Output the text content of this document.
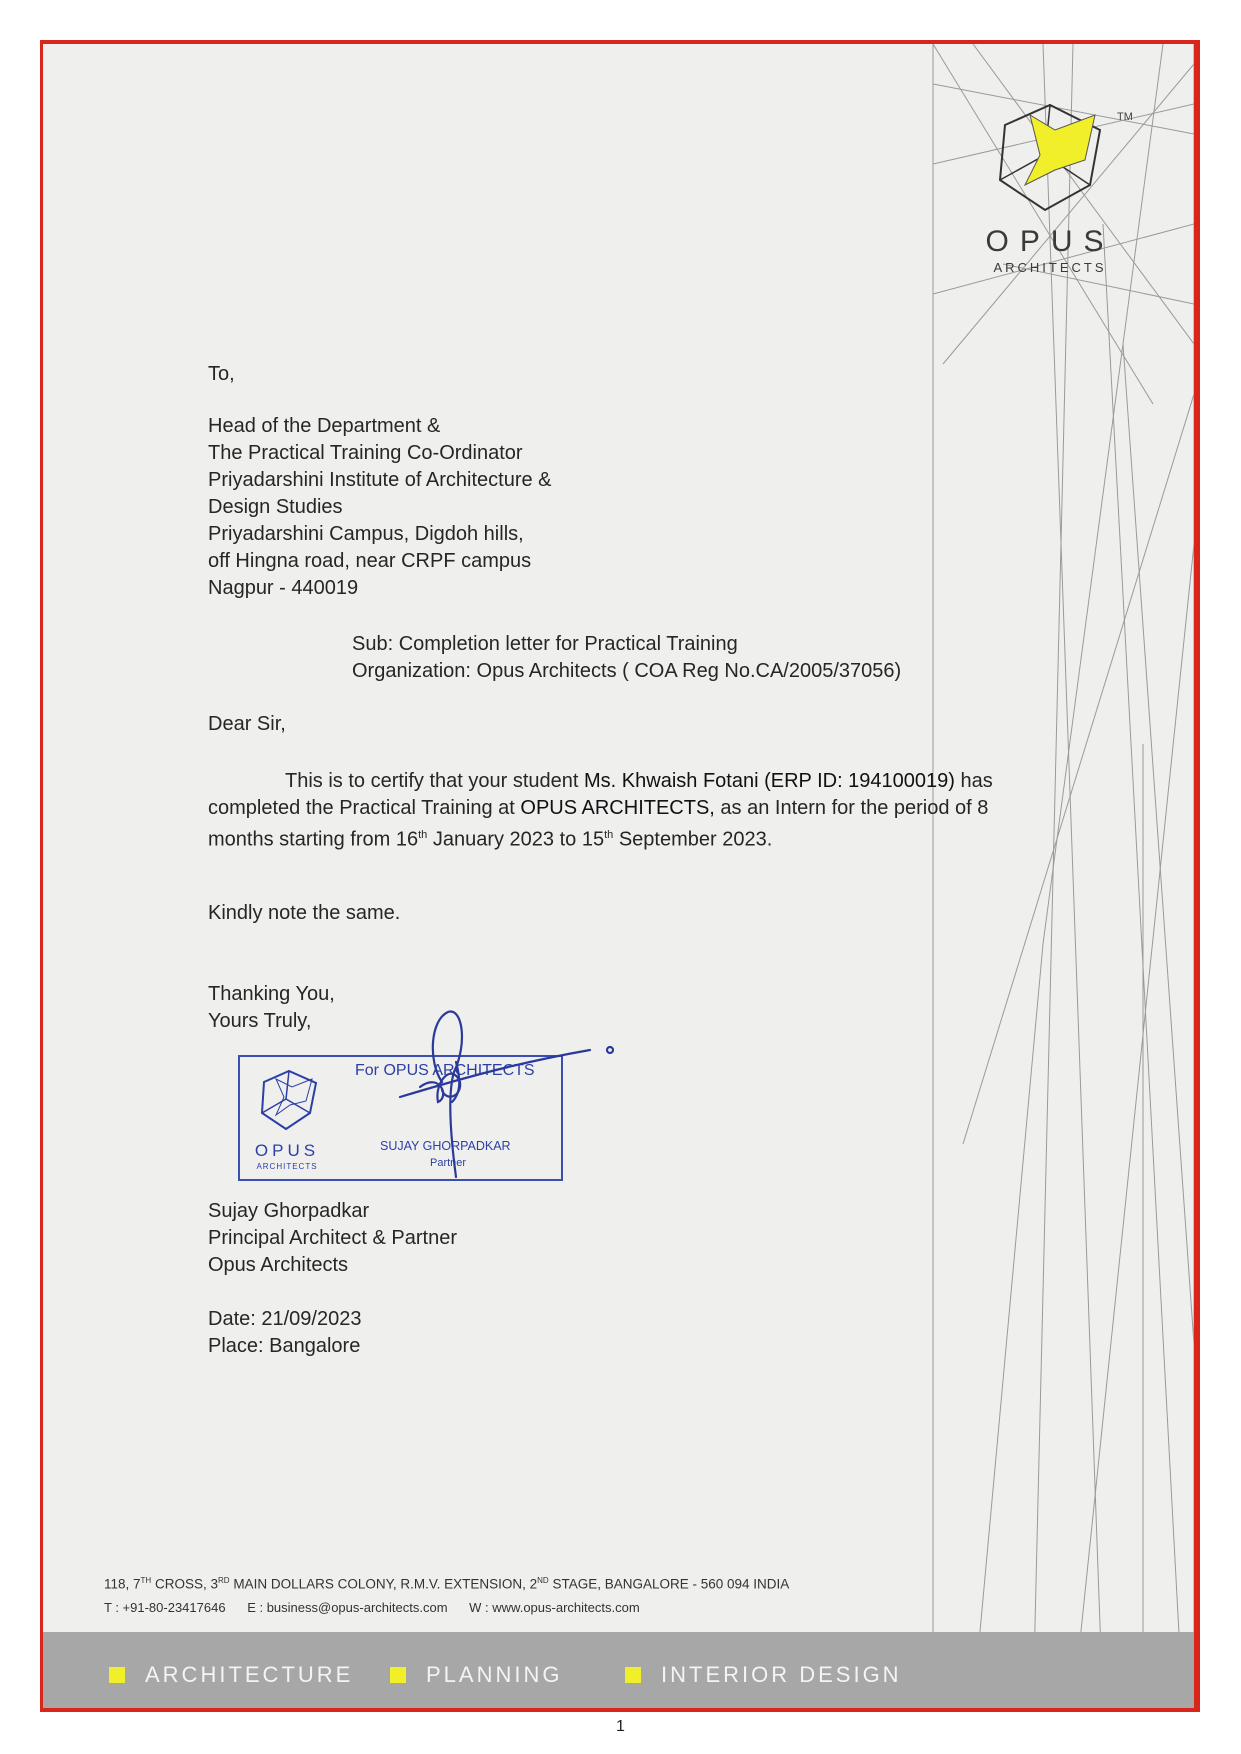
OPUS
ARCHITECTS
TM
To,
Head of the Department &
The Practical Training Co-Ordinator
Priyadarshini Institute of Architecture &
Design Studies
Priyadarshini Campus, Digdoh hills,
off Hingna road, near CRPF campus
Nagpur - 440019
Sub: Completion letter for Practical Training
Organization: Opus Architects ( COA Reg No.CA/2005/37056)
Dear Sir,
This is to certify that your student Ms. Khwaish Fotani (ERP ID: 194100019) has
completed the Practical Training at OPUS ARCHITECTS, as an Intern for the period of 8
months starting from 16th January 2023 to 15th September 2023.
Kindly note the same.
Thanking You,
Yours Truly,
OPUS
ARCHITECTS
For OPUS ARCHITECTS
SUJAY GHORPADKAR
Partner
Sujay Ghorpadkar
Principal Architect & Partner
Opus Architects
Date: 21/09/2023
Place: Bangalore
118, 7TH CROSS, 3RD MAIN DOLLARS COLONY, R.M.V. EXTENSION, 2ND STAGE, BANGALORE - 560 094 INDIA
T : +91-80-23417646 E : business@opus-architects.com W : www.opus-architects.com
ARCHITECTURE	PLANNING	INTERIOR DESIGN
1
